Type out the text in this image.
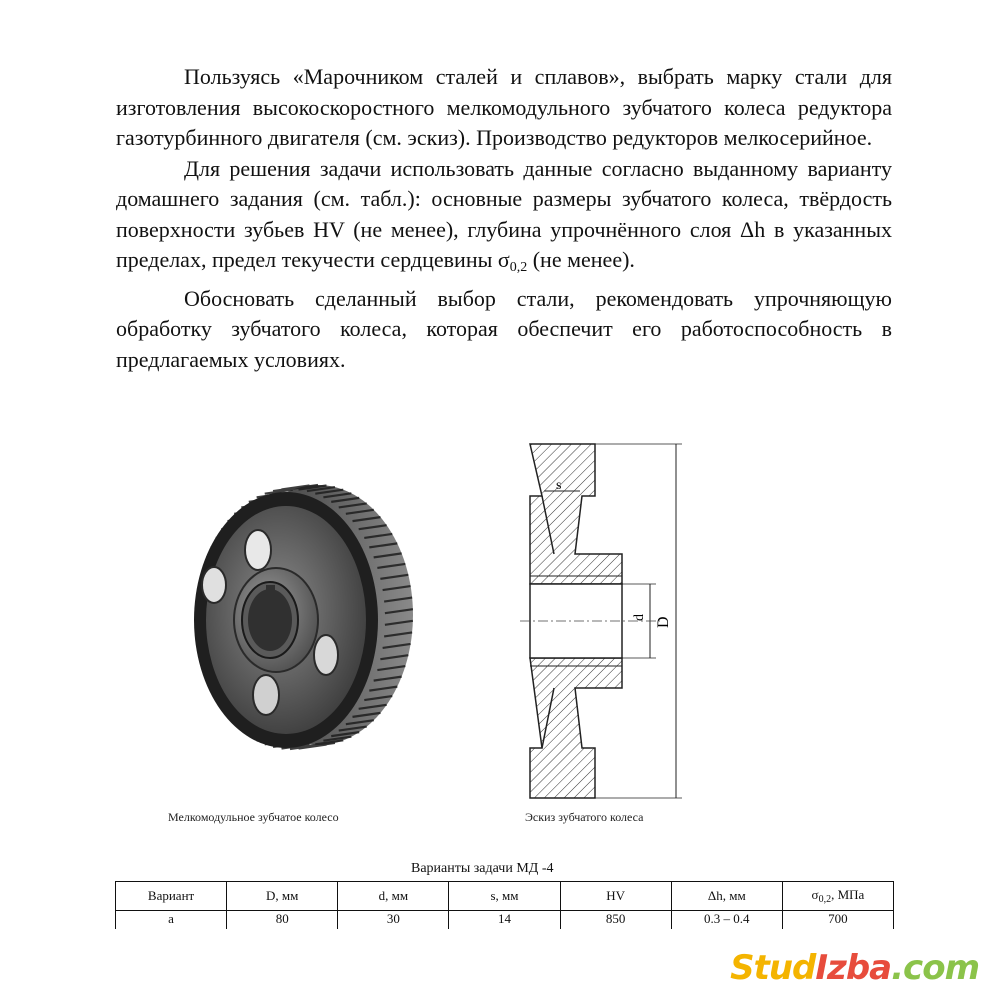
Пользуясь «Марочником сталей и сплавов», выбрать марку стали для изготовления высокоскоростного мелкомодульного зубчатого колеса редуктора газотурбинного двигателя (см. эскиз). Производство редукторов мелкосерийное.

Для решения задачи использовать данные согласно выданному варианту домашнего задания (см. табл.): основные размеры зубчатого колеса, твёрдость поверхности зубьев HV (не менее), глубина упрочнённого слоя Δh в указанных пределах, предел текучести сердцевины $\sigma_{0,2}$ (не менее).

Обосновать сделанный выбор стали, рекомендовать упрочняющую обработку зубчатого колеса, которая обеспечит его работоспособность в предлагаемых условиях.

s
d D
Мелкомодульное зубчатое колесо	Эскиз зубчатого колеса
Варианты задачи МД -4
Вариант	D, мм	d, мм	s, мм	HV	Δh, мм	$\sigma_{0,2}$, МПа
а	80	30	14	850	0.3 – 0.4	700
StudIzba.com
